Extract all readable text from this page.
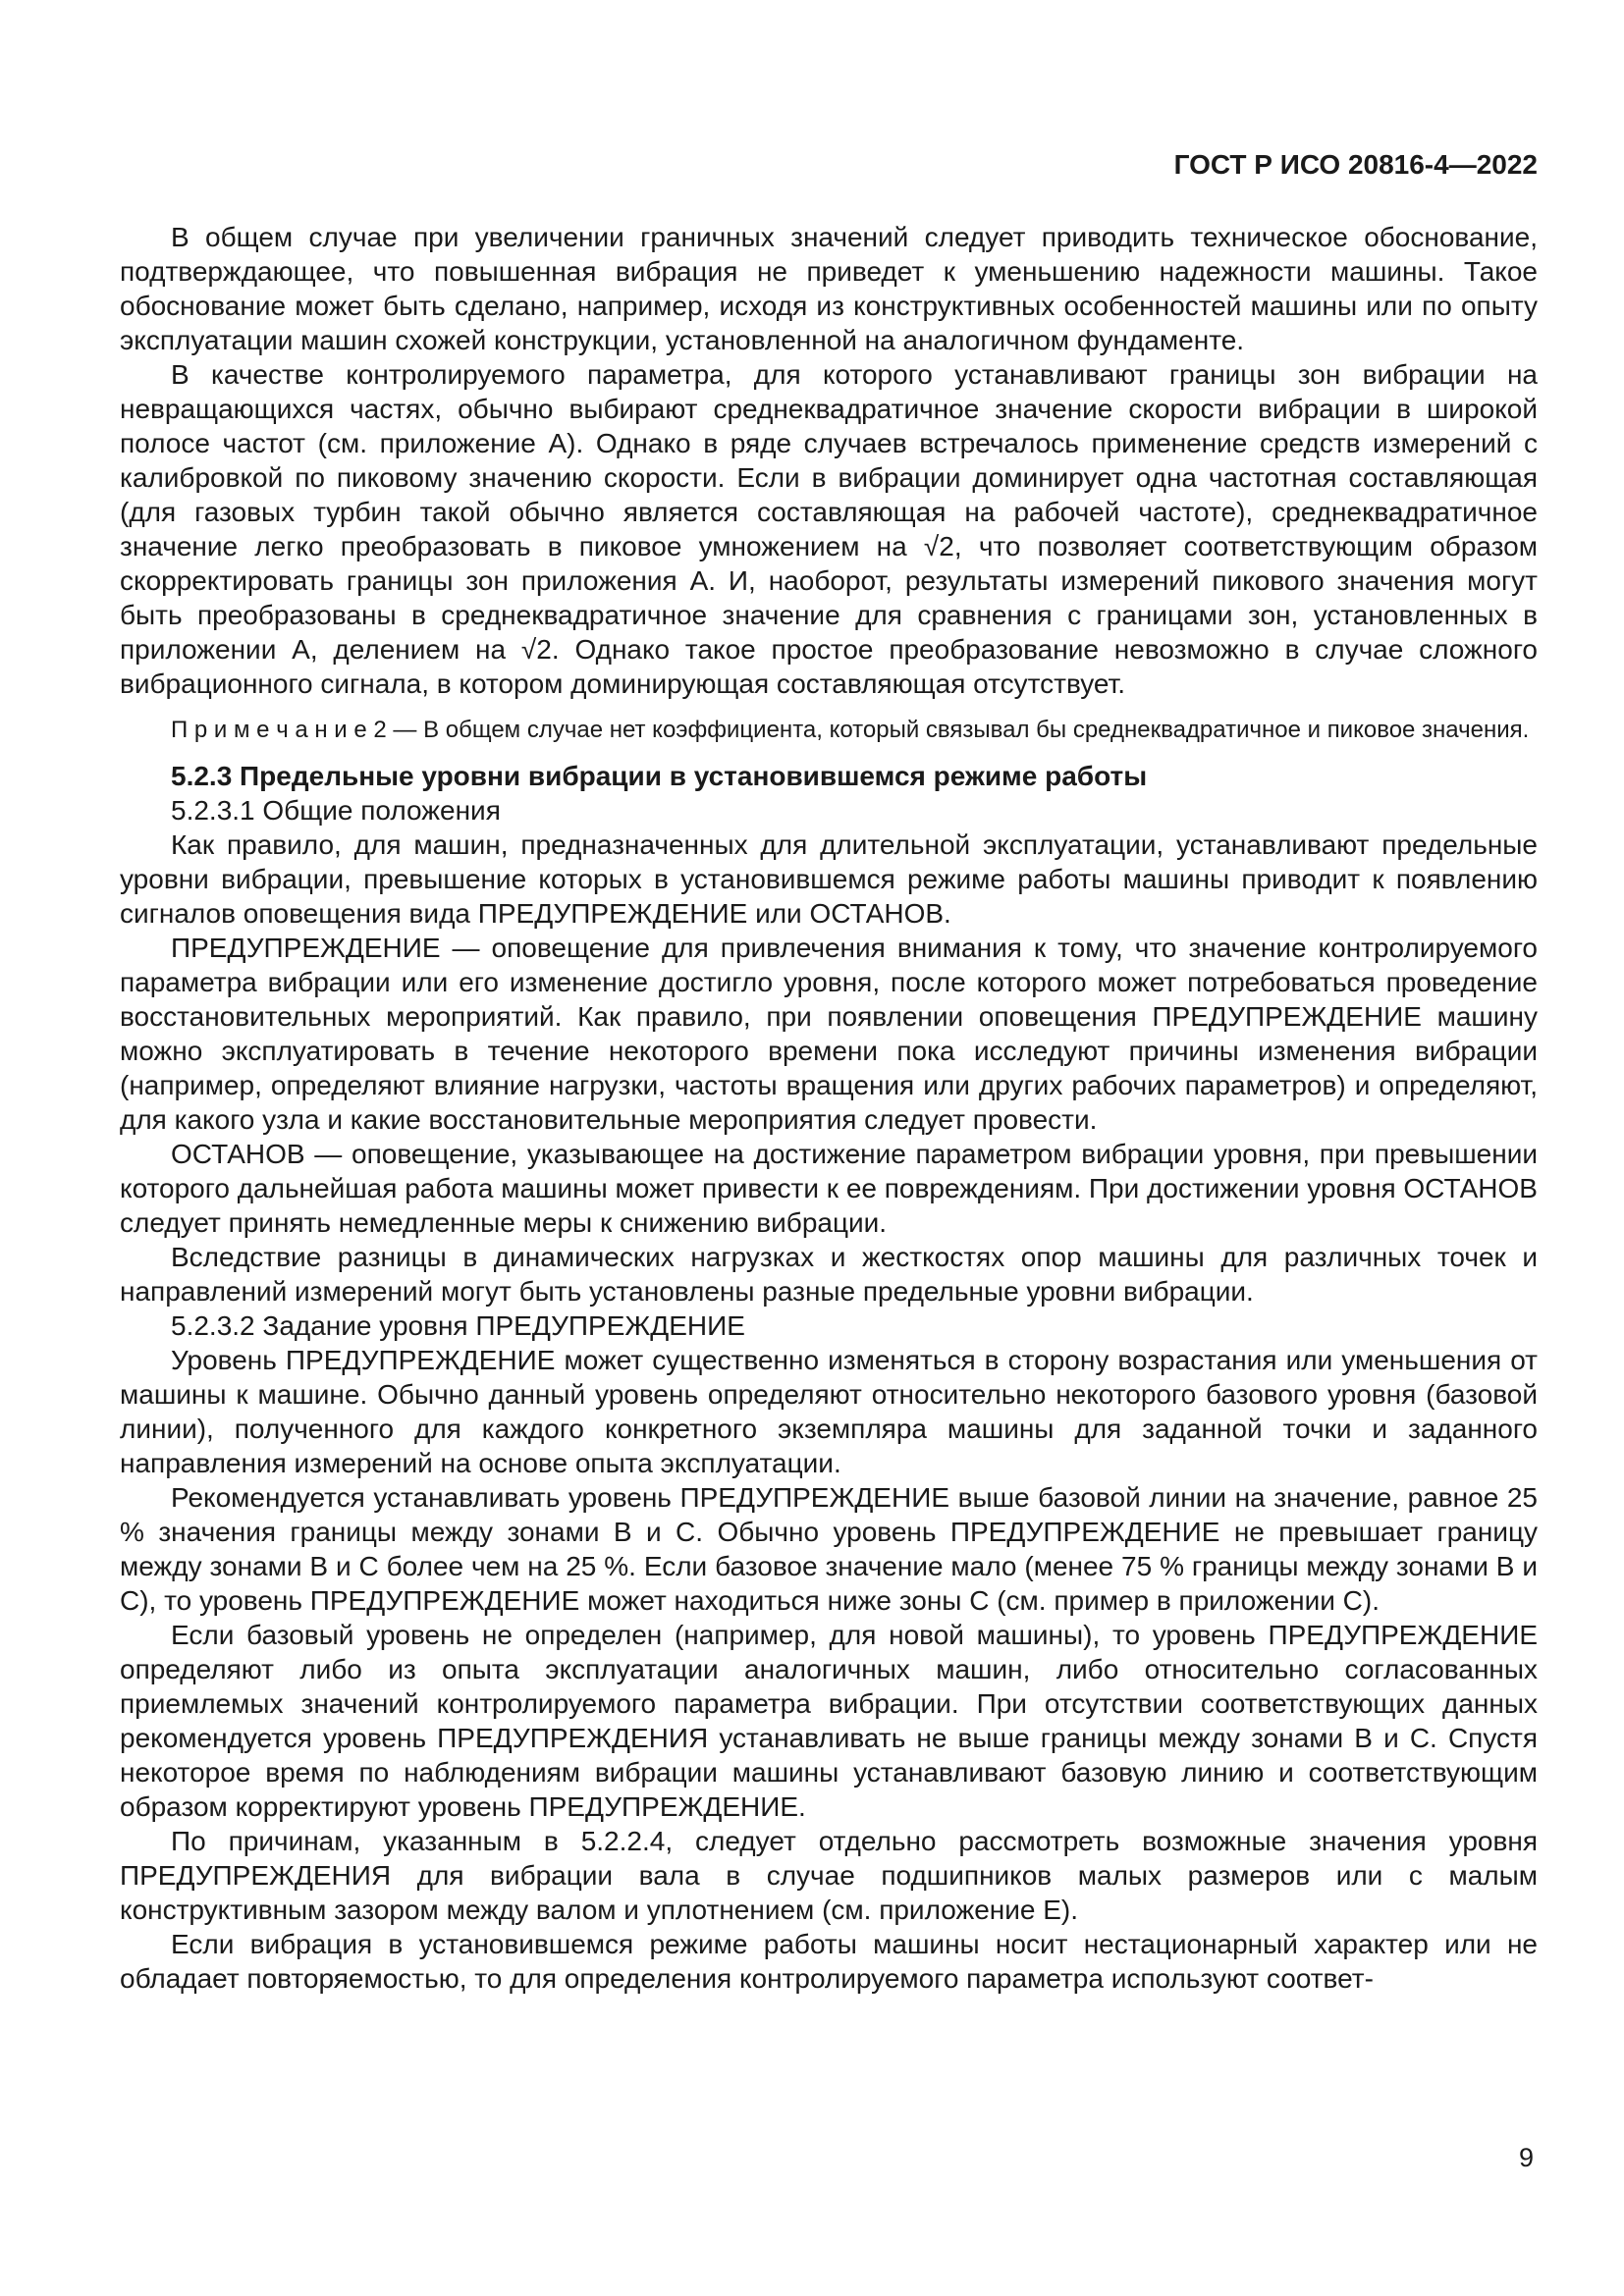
ГОСТ Р ИСО 20816-4—2022

В общем случае при увеличении граничных значений следует приводить техническое обоснование, подтверждающее, что повышенная вибрация не приведет к уменьшению надежности машины. Такое обоснование может быть сделано, например, исходя из конструктивных особенностей машины или по опыту эксплуатации машин схожей конструкции, установленной на аналогичном фундаменте.

В качестве контролируемого параметра, для которого устанавливают границы зон вибрации на невращающихся частях, обычно выбирают среднеквадратичное значение скорости вибрации в широкой полосе частот (см. приложение А). Однако в ряде случаев встречалось применение средств измерений с калибровкой по пиковому значению скорости. Если в вибрации доминирует одна частотная составляющая (для газовых турбин такой обычно является составляющая на рабочей частоте), среднеквадратичное значение легко преобразовать в пиковое умножением на √2, что позволяет соответствующим образом скорректировать границы зон приложения А. И, наоборот, результаты измерений пикового значения могут быть преобразованы в среднеквадратичное значение для сравнения с границами зон, установленных в приложении А, делением на √2. Однако такое простое преобразование невозможно в случае сложного вибрационного сигнала, в котором доминирующая составляющая отсутствует.

П р и м е ч а н и е 2 — В общем случае нет коэффициента, который связывал бы среднеквадратичное и пиковое значения.

5.2.3 Предельные уровни вибрации в установившемся режиме работы

5.2.3.1 Общие положения

Как правило, для машин, предназначенных для длительной эксплуатации, устанавливают предельные уровни вибрации, превышение которых в установившемся режиме работы машины приводит к появлению сигналов оповещения вида ПРЕДУПРЕЖДЕНИЕ или ОСТАНОВ.

ПРЕДУПРЕЖДЕНИЕ — оповещение для привлечения внимания к тому, что значение контролируемого параметра вибрации или его изменение достигло уровня, после которого может потребоваться проведение восстановительных мероприятий. Как правило, при появлении оповещения ПРЕДУПРЕЖДЕНИЕ машину можно эксплуатировать в течение некоторого времени пока исследуют причины изменения вибрации (например, определяют влияние нагрузки, частоты вращения или других рабочих параметров) и определяют, для какого узла и какие восстановительные мероприятия следует провести.

ОСТАНОВ — оповещение, указывающее на достижение параметром вибрации уровня, при превышении которого дальнейшая работа машины может привести к ее повреждениям. При достижении уровня ОСТАНОВ следует принять немедленные меры к снижению вибрации.

Вследствие разницы в динамических нагрузках и жесткостях опор машины для различных точек и направлений измерений могут быть установлены разные предельные уровни вибрации.

5.2.3.2 Задание уровня ПРЕДУПРЕЖДЕНИЕ

Уровень ПРЕДУПРЕЖДЕНИЕ может существенно изменяться в сторону возрастания или уменьшения от машины к машине. Обычно данный уровень определяют относительно некоторого базового уровня (базовой линии), полученного для каждого конкретного экземпляра машины для заданной точки и заданного направления измерений на основе опыта эксплуатации.

Рекомендуется устанавливать уровень ПРЕДУПРЕЖДЕНИЕ выше базовой линии на значение, равное 25 % значения границы между зонами В и С. Обычно уровень ПРЕДУПРЕЖДЕНИЕ не превышает границу между зонами В и С более чем на 25 %. Если базовое значение мало (менее 75 % границы между зонами В и С), то уровень ПРЕДУПРЕЖДЕНИЕ может находиться ниже зоны С (см. пример в приложении С).

Если базовый уровень не определен (например, для новой машины), то уровень ПРЕДУПРЕЖДЕНИЕ определяют либо из опыта эксплуатации аналогичных машин, либо относительно согласованных приемлемых значений контролируемого параметра вибрации. При отсутствии соответствующих данных рекомендуется уровень ПРЕДУПРЕЖДЕНИЯ устанавливать не выше границы между зонами В и С. Спустя некоторое время по наблюдениям вибрации машины устанавливают базовую линию и соответствующим образом корректируют уровень ПРЕДУПРЕЖДЕНИЕ.

По причинам, указанным в 5.2.2.4, следует отдельно рассмотреть возможные значения уровня ПРЕДУПРЕЖДЕНИЯ для вибрации вала в случае подшипников малых размеров или с малым конструктивным зазором между валом и уплотнением (см. приложение Е).

Если вибрация в установившемся режиме работы машины носит нестационарный характер или не обладает повторяемостью, то для определения контролируемого параметра используют соответ-

9
